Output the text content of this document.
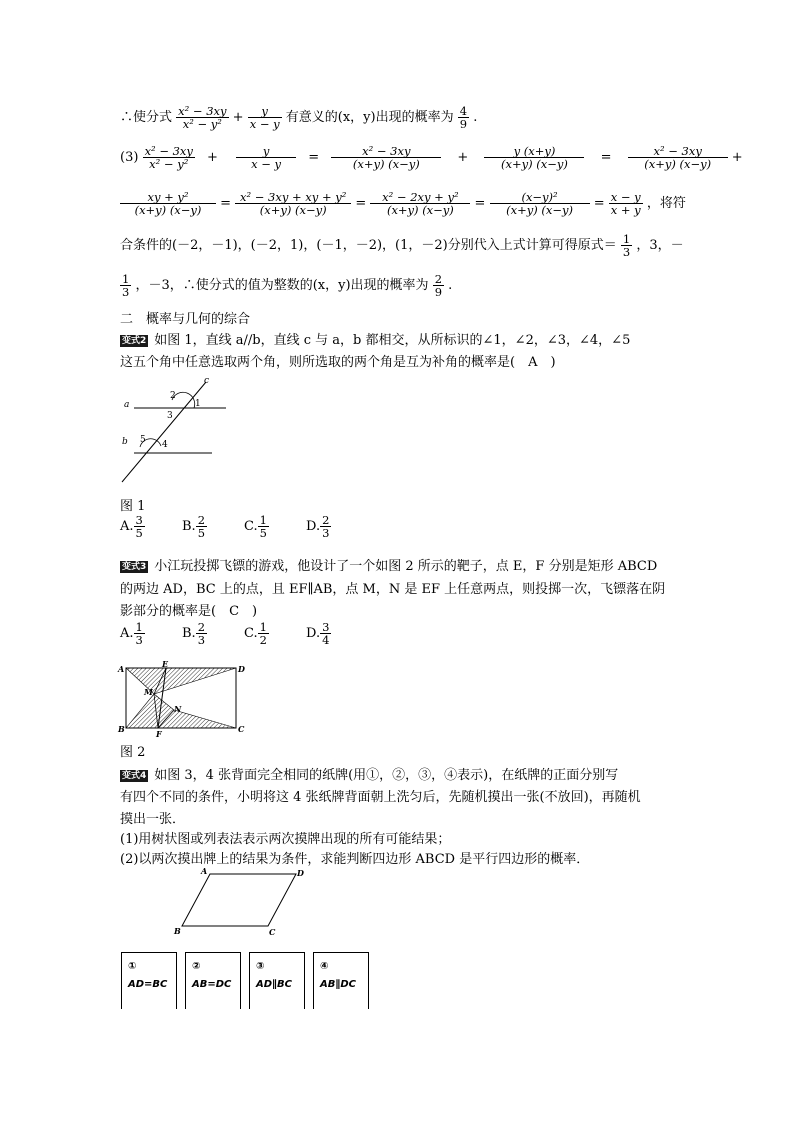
∴使分式 $\frac{\text{x² − 3xy}}{\text{x² − y²}} + \frac{y}{x - y}$ 有意义的(x，y)出现的概率为 $\frac{4}{9}$ .
$(3) \frac{\text{x² − 3xy}}{\text{x² − y²}} + \frac{y}{x - y} = \frac{\text{x² − 3xy}}{(x+y) (x-y)} + \frac{y (x+y)}{(x+y) (x-y)} = \frac{\text{x² − 3xy}}{(x+y) (x-y)}$ +
$\frac{\text{xy + y²}}{(x+y) (x-y)} = \frac{\text{x² − 3xy + xy + y²}}{(x+y) (x-y)} = \frac{\text{x² − 2xy + y²}}{(x+y) (x-y)} = \frac{\text{(x−y)²}}{(x+y) (x-y)} = \frac{x - y}{x + y}$ ，将符
合条件的(－2，－1)，(－2，1)，(－1，－2)，(1，－2)分别代入上式计算可得原式＝ $\frac{1}{3}$ ，3，－
$\frac{1}{3}$ ，－3，∴使分式的值为整数的(x，y)出现的概率为 $\frac{2}{9}$ .
二　概率与几何的综合
变式2 如图 1，直线 a//b，直线 c 与 a，b 都相交，从所标识的∠1，∠2，∠3，∠4，∠5
这五个角中任意选取两个角，则所选取的两个角是互为补角的概率是(　A　)
a
b
c
1
2
3
4
5
图 1
A. $\frac{3}{5}$	B. $\frac{2}{5}$	C. $\frac{1}{5}$	D. $\frac{2}{3}$
变式3 小江玩投掷飞镖的游戏，他设计了一个如图 2 所示的靶子，点 E，F 分别是矩形 ABCD
的两边 AD，BC 上的点，且 EF∥AB，点 M，N 是 EF 上任意两点，则投掷一次，飞镖落在阴
影部分的概率是(　C　)
A. $\frac{1}{3}$	B. $\frac{2}{3}$	C. $\frac{1}{2}$	D. $\frac{3}{4}$
A
B	C
D
E
F
M
N
图 2
变式4 如图 3，4 张背面完全相同的纸牌(用①，②，③，④表示)，在纸牌的正面分别写
有四个不同的条件，小明将这 4 张纸牌背面朝上洗匀后，先随机摸出一张(不放回)，再随机
摸出一张．
(1)用树状图或列表法表示两次摸牌出现的所有可能结果；
(2)以两次摸出牌上的结果为条件，求能判断四边形 ABCD 是平行四边形的概率．
A	D
B	C
①
AD=BC
②
AB=DC
③
AD∥BC
④
AB∥DC
